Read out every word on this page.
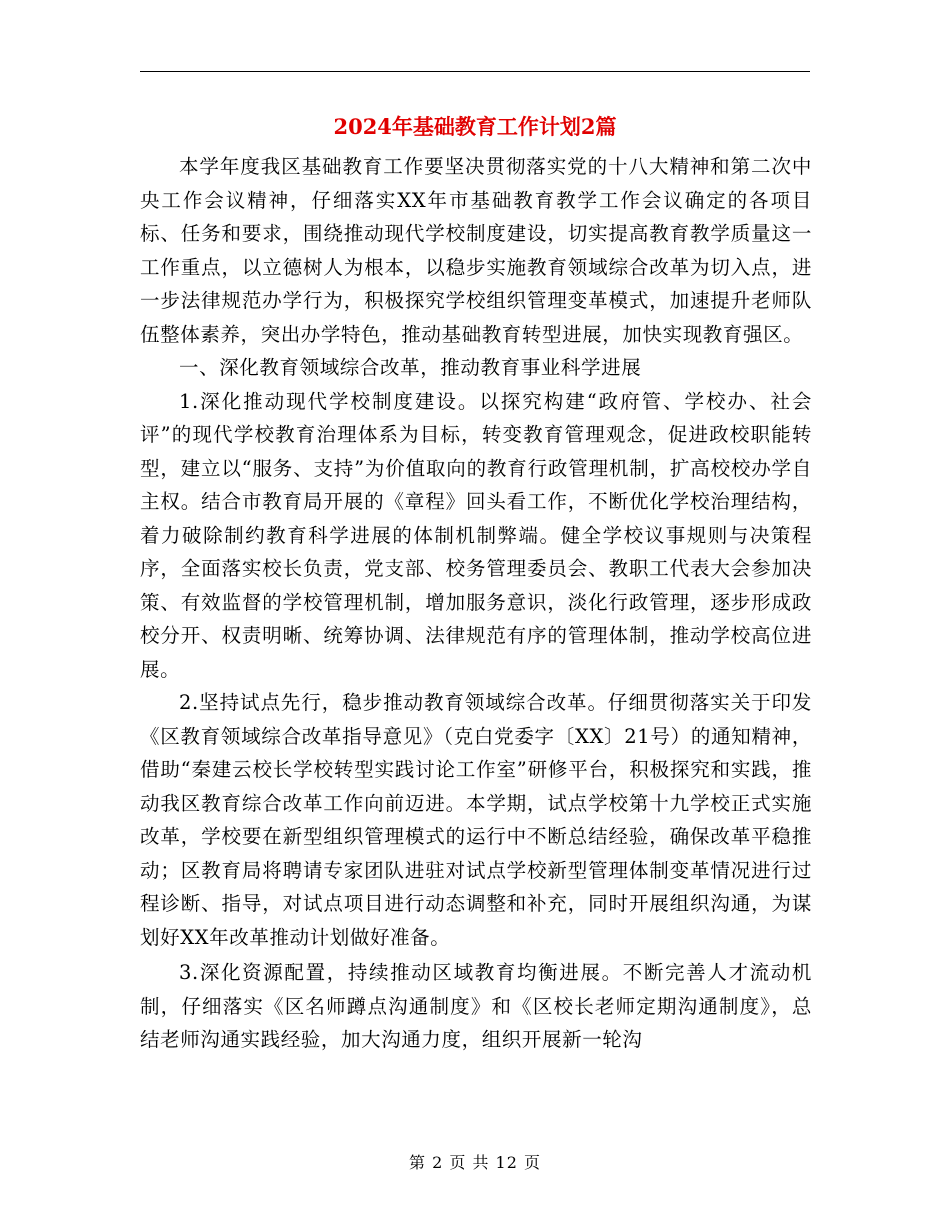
2024年基础教育工作计划2篇

本学年度我区基础教育工作要坚决贯彻落实党的十八大精神和第二次中央工作会议精神，仔细落实XX年市基础教育教学工作会议确定的各项目标、任务和要求，围绕推动现代学校制度建设，切实提高教育教学质量这一工作重点，以立德树人为根本，以稳步实施教育领域综合改革为切入点，进一步法律规范办学行为，积极探究学校组织管理变革模式，加速提升老师队伍整体素养，突出办学特色，推动基础教育转型进展，加快实现教育强区。

一、深化教育领域综合改革，推动教育事业科学进展

1.深化推动现代学校制度建设。以探究构建“政府管、学校办、社会评”的现代学校教育治理体系为目标，转变教育管理观念，促进政校职能转型，建立以“服务、支持”为价值取向的教育行政管理机制，扩高校校办学自主权。结合市教育局开展的《章程》回头看工作，不断优化学校治理结构，着力破除制约教育科学进展的体制机制弊端。健全学校议事规则与决策程序，全面落实校长负责，党支部、校务管理委员会、教职工代表大会参加决策、有效监督的学校管理机制，增加服务意识，淡化行政管理，逐步形成政校分开、权责明晰、统筹协调、法律规范有序的管理体制，推动学校高位进展。

2.坚持试点先行，稳步推动教育领域综合改革。仔细贯彻落实关于印发《区教育领域综合改革指导意见》（克白党委字〔XX〕21号）的通知精神，借助“秦建云校长学校转型实践讨论工作室”研修平台，积极探究和实践，推动我区教育综合改革工作向前迈进。本学期，试点学校第十九学校正式实施改革，学校要在新型组织管理模式的运行中不断总结经验，确保改革平稳推动；区教育局将聘请专家团队进驻对试点学校新型管理体制变革情况进行过程诊断、指导，对试点项目进行动态调整和补充，同时开展组织沟通，为谋划好XX年改革推动计划做好准备。

3.深化资源配置，持续推动区域教育均衡进展。不断完善人才流动机制，仔细落实《区名师蹲点沟通制度》和《区校长老师定期沟通制度》，总结老师沟通实践经验，加大沟通力度，组织开展新一轮沟

第 2 页 共 12 页
